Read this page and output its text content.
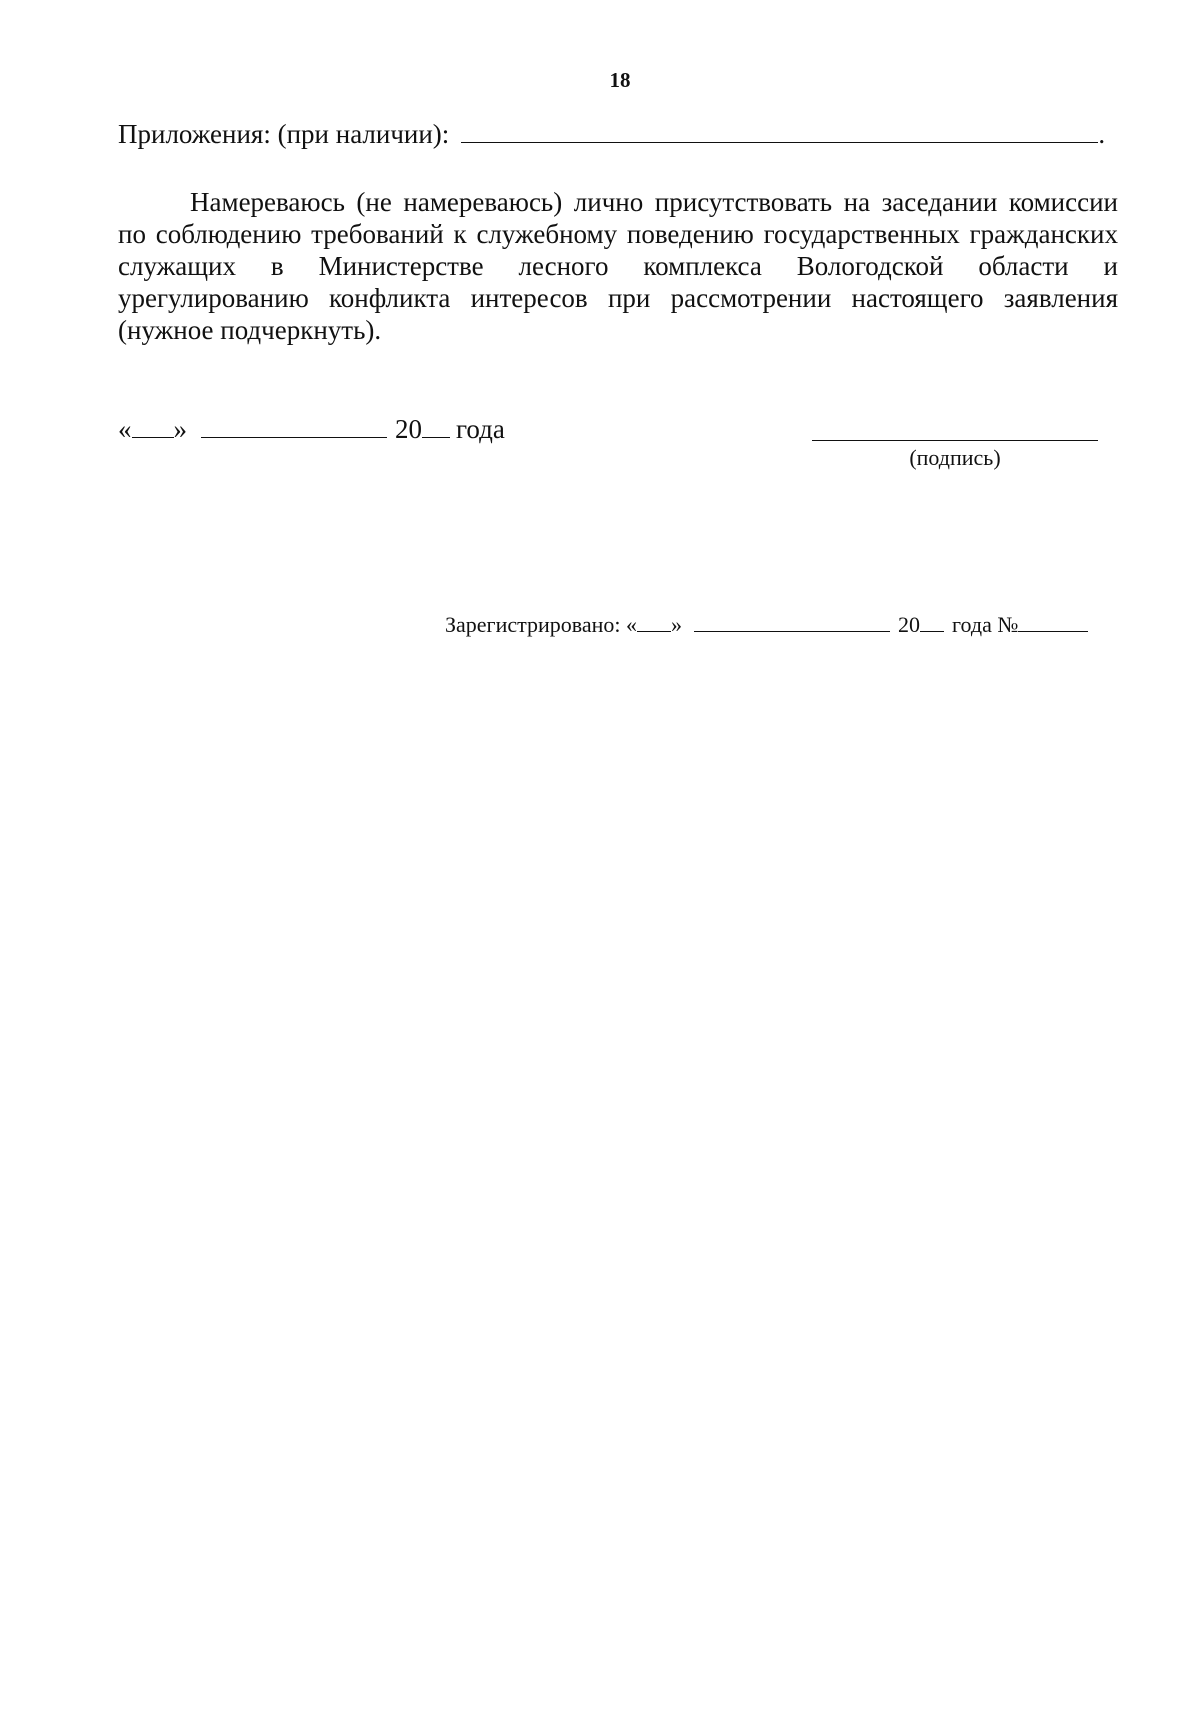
18
Приложения: (при наличии):	.

Намереваюсь (не намереваюсь) лично присутствовать на заседании комиссии по соблюдению требований к служебному поведению государственных гражданских служащих в Министерстве лесного комплекса Вологодской области и урегулированию конфликта интересов при рассмотрении настоящего заявления (нужное подчеркнуть).

« »	20 года
(подпись)
Зарегистрировано: « »	20 года №
